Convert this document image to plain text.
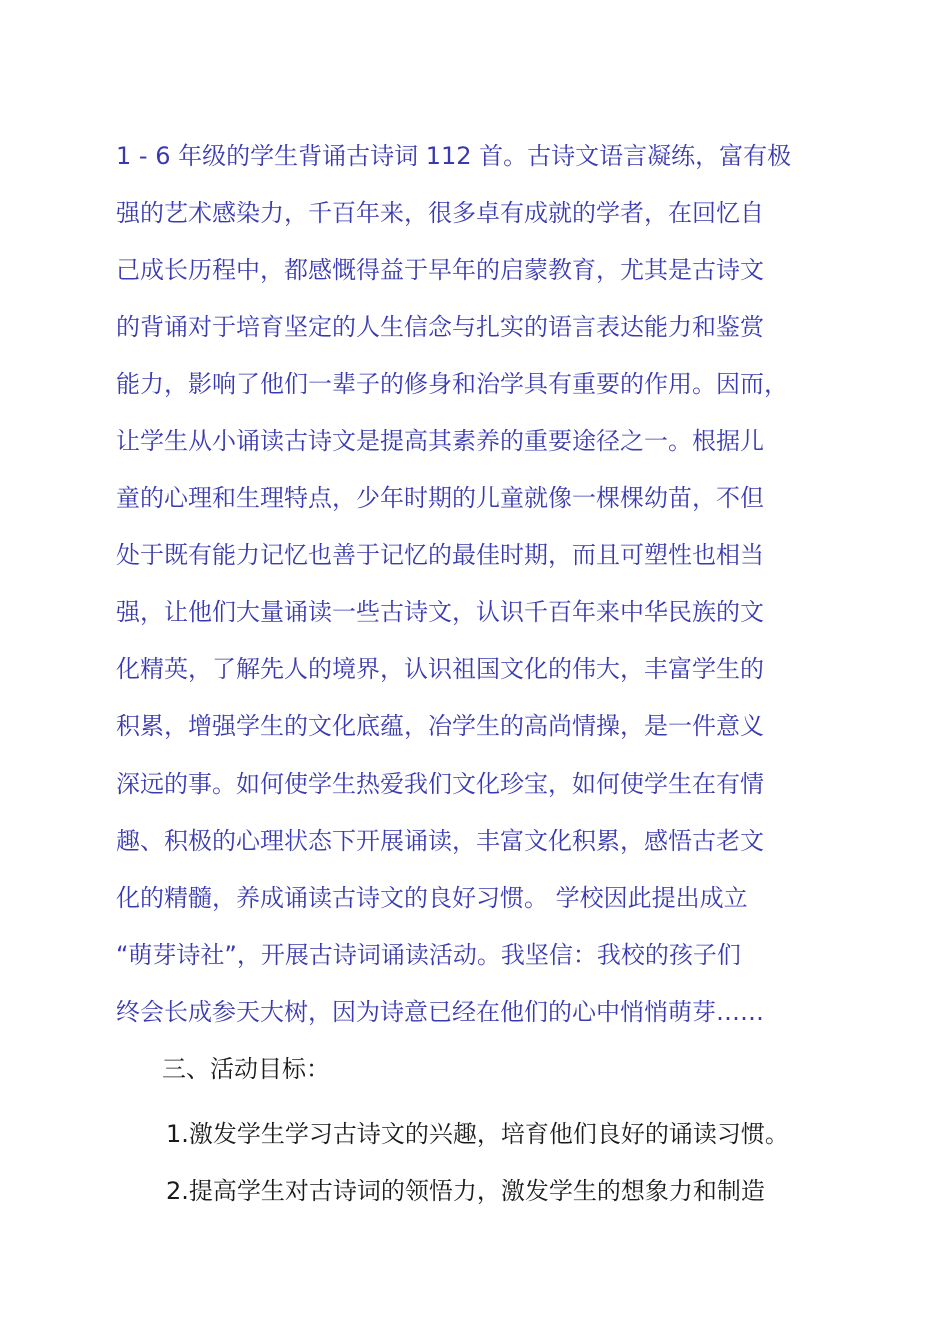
1 - 6 年级的学生背诵古诗词 112 首。古诗文语言凝练，富有极
强的艺术感染力，千百年来，很多卓有成就的学者，在回忆自
己成长历程中，都感慨得益于早年的启蒙教育，尤其是古诗文
的背诵对于培育坚定的人生信念与扎实的语言表达能力和鉴赏
能力，影响了他们一辈子的修身和治学具有重要的作用。因而，
让学生从小诵读古诗文是提高其素养的重要途径之一。根据儿
童的心理和生理特点，少年时期的儿童就像一棵棵幼苗，不但
处于既有能力记忆也善于记忆的最佳时期，而且可塑性也相当
强，让他们大量诵读一些古诗文，认识千百年来中华民族的文
化精英，了解先人的境界，认识祖国文化的伟大，丰富学生的
积累，增强学生的文化底蕴，冶学生的高尚情操，是一件意义
深远的事。如何使学生热爱我们文化珍宝，如何使学生在有情
趣、积极的心理状态下开展诵读，丰富文化积累，感悟古老文
化的精髓，养成诵读古诗文的良好习惯。 学校因此提出成立
“萌芽诗社”，开展古诗词诵读活动。我坚信：我校的孩子们
终会长成参天大树，因为诗意已经在他们的心中悄悄萌芽……
三、活动目标：
1.激发学生学习古诗文的兴趣，培育他们良好的诵读习惯。
2.提高学生对古诗词的领悟力，激发学生的想象力和制造
